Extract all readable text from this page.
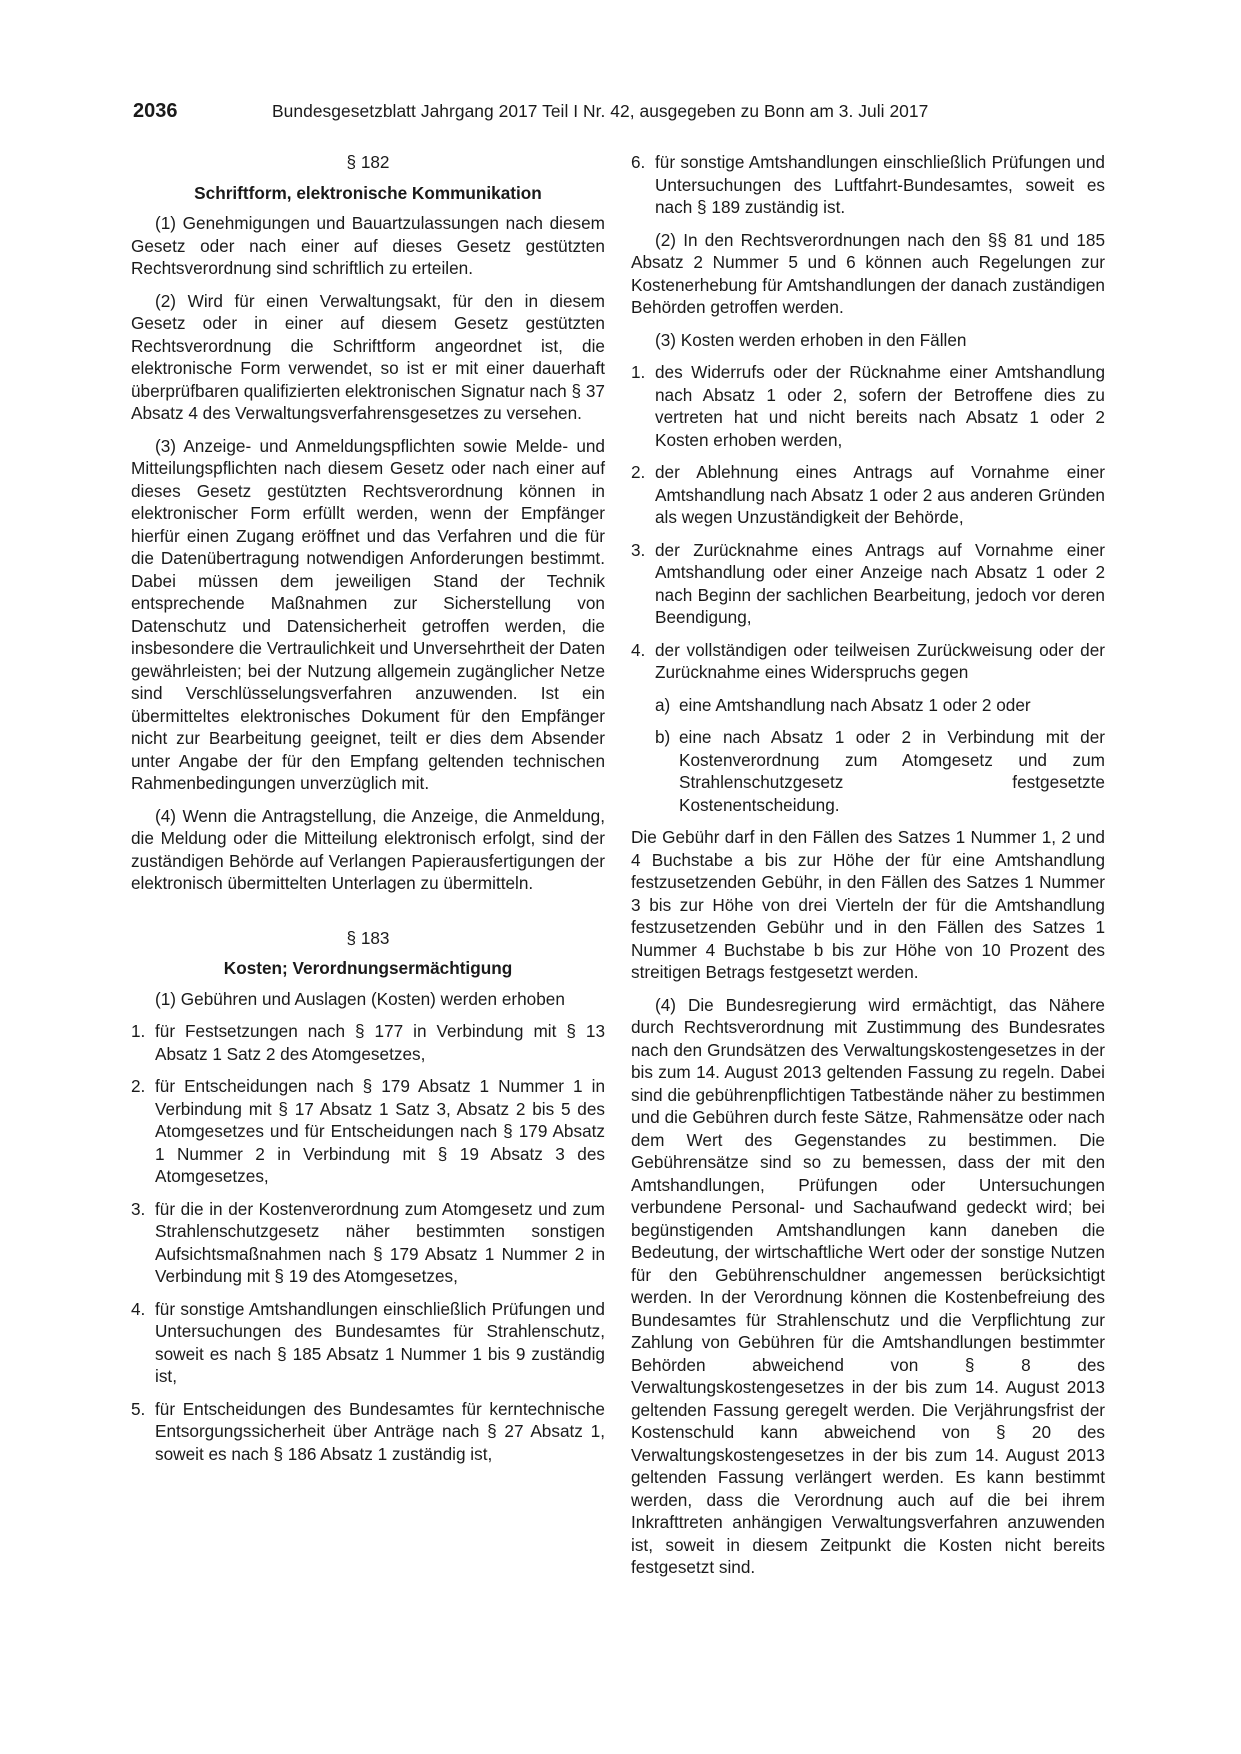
2036	Bundesgesetzblatt Jahrgang 2017 Teil I Nr. 42, ausgegeben zu Bonn am 3. Juli 2017
§ 182
Schriftform, elektronische Kommunikation

(1) Genehmigungen und Bauartzulassungen nach diesem Gesetz oder nach einer auf dieses Gesetz gestützten Rechtsverordnung sind schriftlich zu erteilen.

(2) Wird für einen Verwaltungsakt, für den in diesem Gesetz oder in einer auf diesem Gesetz gestützten Rechtsverordnung die Schriftform angeordnet ist, die elektronische Form verwendet, so ist er mit einer dauerhaft überprüfbaren qualifizierten elektronischen Signatur nach § 37 Absatz 4 des Verwaltungsverfahrensgesetzes zu versehen.

(3) Anzeige- und Anmeldungspflichten sowie Melde- und Mitteilungspflichten nach diesem Gesetz oder nach einer auf dieses Gesetz gestützten Rechtsverordnung können in elektronischer Form erfüllt werden, wenn der Empfänger hierfür einen Zugang eröffnet und das Verfahren und die für die Datenübertragung notwendigen Anforderungen bestimmt. Dabei müssen dem jeweiligen Stand der Technik entsprechende Maßnahmen zur Sicherstellung von Datenschutz und Datensicherheit getroffen werden, die insbesondere die Vertraulichkeit und Unversehrtheit der Daten gewährleisten; bei der Nutzung allgemein zugänglicher Netze sind Verschlüsselungsverfahren anzuwenden. Ist ein übermitteltes elektronisches Dokument für den Empfänger nicht zur Bearbeitung geeignet, teilt er dies dem Absender unter Angabe der für den Empfang geltenden technischen Rahmenbedingungen unverzüglich mit.

(4) Wenn die Antragstellung, die Anzeige, die Anmeldung, die Meldung oder die Mitteilung elektronisch erfolgt, sind der zuständigen Behörde auf Verlangen Papierausfertigungen der elektronisch übermittelten Unterlagen zu übermitteln.

§ 183
Kosten; Verordnungsermächtigung

(1) Gebühren und Auslagen (Kosten) werden erhoben

1. für Festsetzungen nach § 177 in Verbindung mit § 13 Absatz 1 Satz 2 des Atomgesetzes,
2. für Entscheidungen nach § 179 Absatz 1 Nummer 1 in Verbindung mit § 17 Absatz 1 Satz 3, Absatz 2 bis 5 des Atomgesetzes und für Entscheidungen nach § 179 Absatz 1 Nummer 2 in Verbindung mit § 19 Absatz 3 des Atomgesetzes,
3. für die in der Kostenverordnung zum Atomgesetz und zum Strahlenschutzgesetz näher bestimmten sonstigen Aufsichtsmaßnahmen nach § 179 Absatz 1 Nummer 2 in Verbindung mit § 19 des Atomgesetzes,
4. für sonstige Amtshandlungen einschließlich Prüfungen und Untersuchungen des Bundesamtes für Strahlenschutz, soweit es nach § 185 Absatz 1 Nummer 1 bis 9 zuständig ist,
5. für Entscheidungen des Bundesamtes für kerntechnische Entsorgungssicherheit über Anträge nach § 27 Absatz 1, soweit es nach § 186 Absatz 1 zuständig ist,
6. für sonstige Amtshandlungen einschließlich Prüfungen und Untersuchungen des Luftfahrt-Bundesamtes, soweit es nach § 189 zuständig ist.

(2) In den Rechtsverordnungen nach den §§ 81 und 185 Absatz 2 Nummer 5 und 6 können auch Regelungen zur Kostenerhebung für Amtshandlungen der danach zuständigen Behörden getroffen werden.

(3) Kosten werden erhoben in den Fällen

1. des Widerrufs oder der Rücknahme einer Amtshandlung nach Absatz 1 oder 2, sofern der Betroffene dies zu vertreten hat und nicht bereits nach Absatz 1 oder 2 Kosten erhoben werden,
2. der Ablehnung eines Antrags auf Vornahme einer Amtshandlung nach Absatz 1 oder 2 aus anderen Gründen als wegen Unzuständigkeit der Behörde,
3. der Zurücknahme eines Antrags auf Vornahme einer Amtshandlung oder einer Anzeige nach Absatz 1 oder 2 nach Beginn der sachlichen Bearbeitung, jedoch vor deren Beendigung,
4. der vollständigen oder teilweisen Zurückweisung oder der Zurücknahme eines Widerspruchs gegen
a) eine Amtshandlung nach Absatz 1 oder 2 oder
b) eine nach Absatz 1 oder 2 in Verbindung mit der Kostenverordnung zum Atomgesetz und zum Strahlenschutzgesetz festgesetzte Kostenentscheidung.

Die Gebühr darf in den Fällen des Satzes 1 Nummer 1, 2 und 4 Buchstabe a bis zur Höhe der für eine Amtshandlung festzusetzenden Gebühr, in den Fällen des Satzes 1 Nummer 3 bis zur Höhe von drei Vierteln der für die Amtshandlung festzusetzenden Gebühr und in den Fällen des Satzes 1 Nummer 4 Buchstabe b bis zur Höhe von 10 Prozent des streitigen Betrags festgesetzt werden.

(4) Die Bundesregierung wird ermächtigt, das Nähere durch Rechtsverordnung mit Zustimmung des Bundesrates nach den Grundsätzen des Verwaltungskostengesetzes in der bis zum 14. August 2013 geltenden Fassung zu regeln. Dabei sind die gebührenpflichtigen Tatbestände näher zu bestimmen und die Gebühren durch feste Sätze, Rahmensätze oder nach dem Wert des Gegenstandes zu bestimmen. Die Gebührensätze sind so zu bemessen, dass der mit den Amtshandlungen, Prüfungen oder Untersuchungen verbundene Personal- und Sachaufwand gedeckt wird; bei begünstigenden Amtshandlungen kann daneben die Bedeutung, der wirtschaftliche Wert oder der sonstige Nutzen für den Gebührenschuldner angemessen berücksichtigt werden. In der Verordnung können die Kostenbefreiung des Bundesamtes für Strahlenschutz und die Verpflichtung zur Zahlung von Gebühren für die Amtshandlungen bestimmter Behörden abweichend von § 8 des Verwaltungskostengesetzes in der bis zum 14. August 2013 geltenden Fassung geregelt werden. Die Verjährungsfrist der Kostenschuld kann abweichend von § 20 des Verwaltungskostengesetzes in der bis zum 14. August 2013 geltenden Fassung verlängert werden. Es kann bestimmt werden, dass die Verordnung auch auf die bei ihrem Inkrafttreten anhängigen Verwaltungsverfahren anzuwenden ist, soweit in diesem Zeitpunkt die Kosten nicht bereits festgesetzt sind.
